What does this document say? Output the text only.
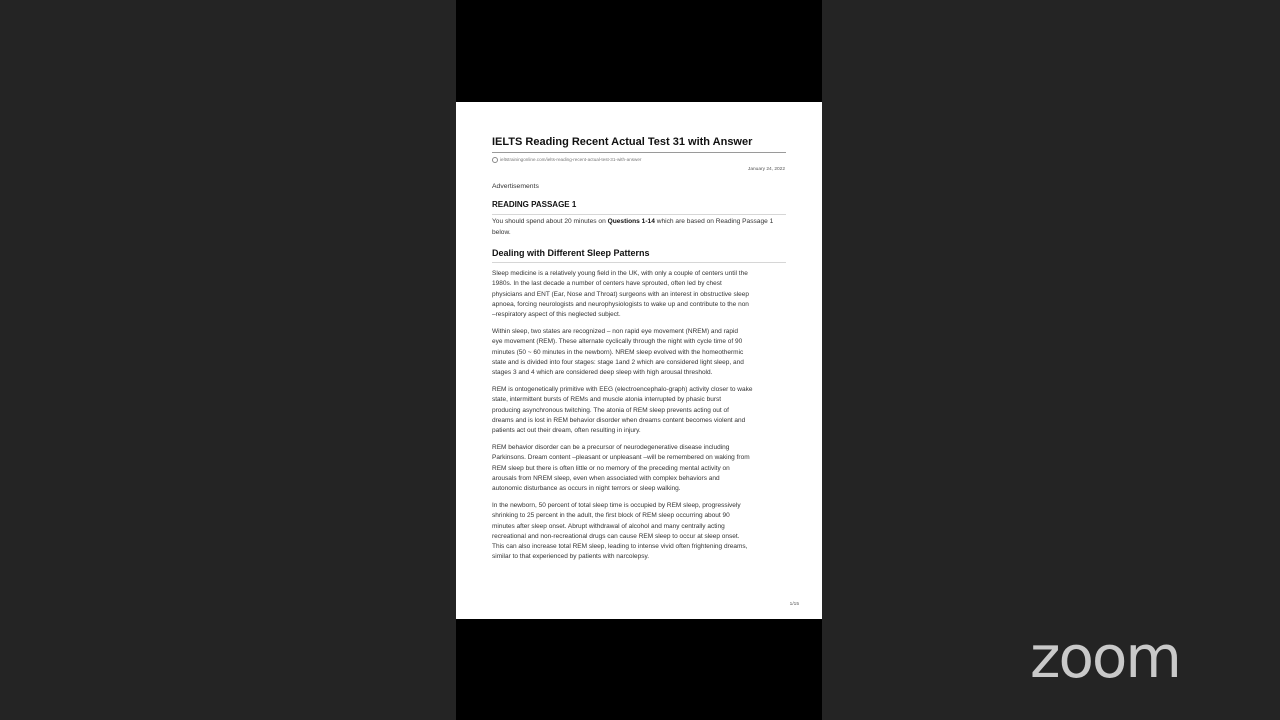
IELTS Reading Recent Actual Test 31 with Answer
ieltstrainingonline.com/ielts-reading-recent-actual-test-31-with-answer
January 24, 2022
Advertisements
READING PASSAGE 1
You should spend about 20 minutes on Questions 1-14 which are based on Reading Passage 1 below.
Dealing with Different Sleep Patterns
Sleep medicine is a relatively young field in the UK, with only a couple of centers until the
1980s. In the last decade a number of centers have sprouted, often led by chest
physicians and ENT (Ear, Nose and Throat) surgeons with an interest in obstructive sleep
apnoea, forcing neurologists and neurophysiologists to wake up and contribute to the non
–respiratory aspect of this neglected subject.
Within sleep, two states are recognized – non rapid eye movement (NREM) and rapid
eye movement (REM). These alternate cyclically through the night with cycle time of 90
minutes (50 ~ 60 minutes in the newborn). NREM sleep evolved with the homeothermic
state and is divided into four stages: stage 1and 2 which are considered light sleep, and
stages 3 and 4 which are considered deep sleep with high arousal threshold.
REM is ontogenetically primitive with EEG (electroencephalo-graph) activity closer to wake
state, intermittent bursts of REMs and muscle atonia interrupted by phasic burst
producing asynchronous twitching. The atonia of REM sleep prevents acting out of
dreams and is lost in REM behavior disorder when dreams content becomes violent and
patients act out their dream, often resulting in injury.
REM behavior disorder can be a precursor of neurodegenerative disease including
Parkinsons. Dream content –pleasant or unpleasant –will be remembered on waking from
REM sleep but there is often little or no memory of the preceding mental activity on
arousals from NREM sleep, even when associated with complex behaviors and
autonomic disturbance as occurs in night terrors or sleep walking.
In the newborn, 50 percent of total sleep time is occupied by REM sleep, progressively
shrinking to 25 percent in the adult, the first block of REM sleep occurring about 90
minutes after sleep onset. Abrupt withdrawal of alcohol and many centrally acting
recreational and non-recreational drugs can cause REM sleep to occur at sleep onset.
This can also increase total REM sleep, leading to intense vivid often frightening dreams,
similar to that experienced by patients with narcolepsy.
1/15
zoom
